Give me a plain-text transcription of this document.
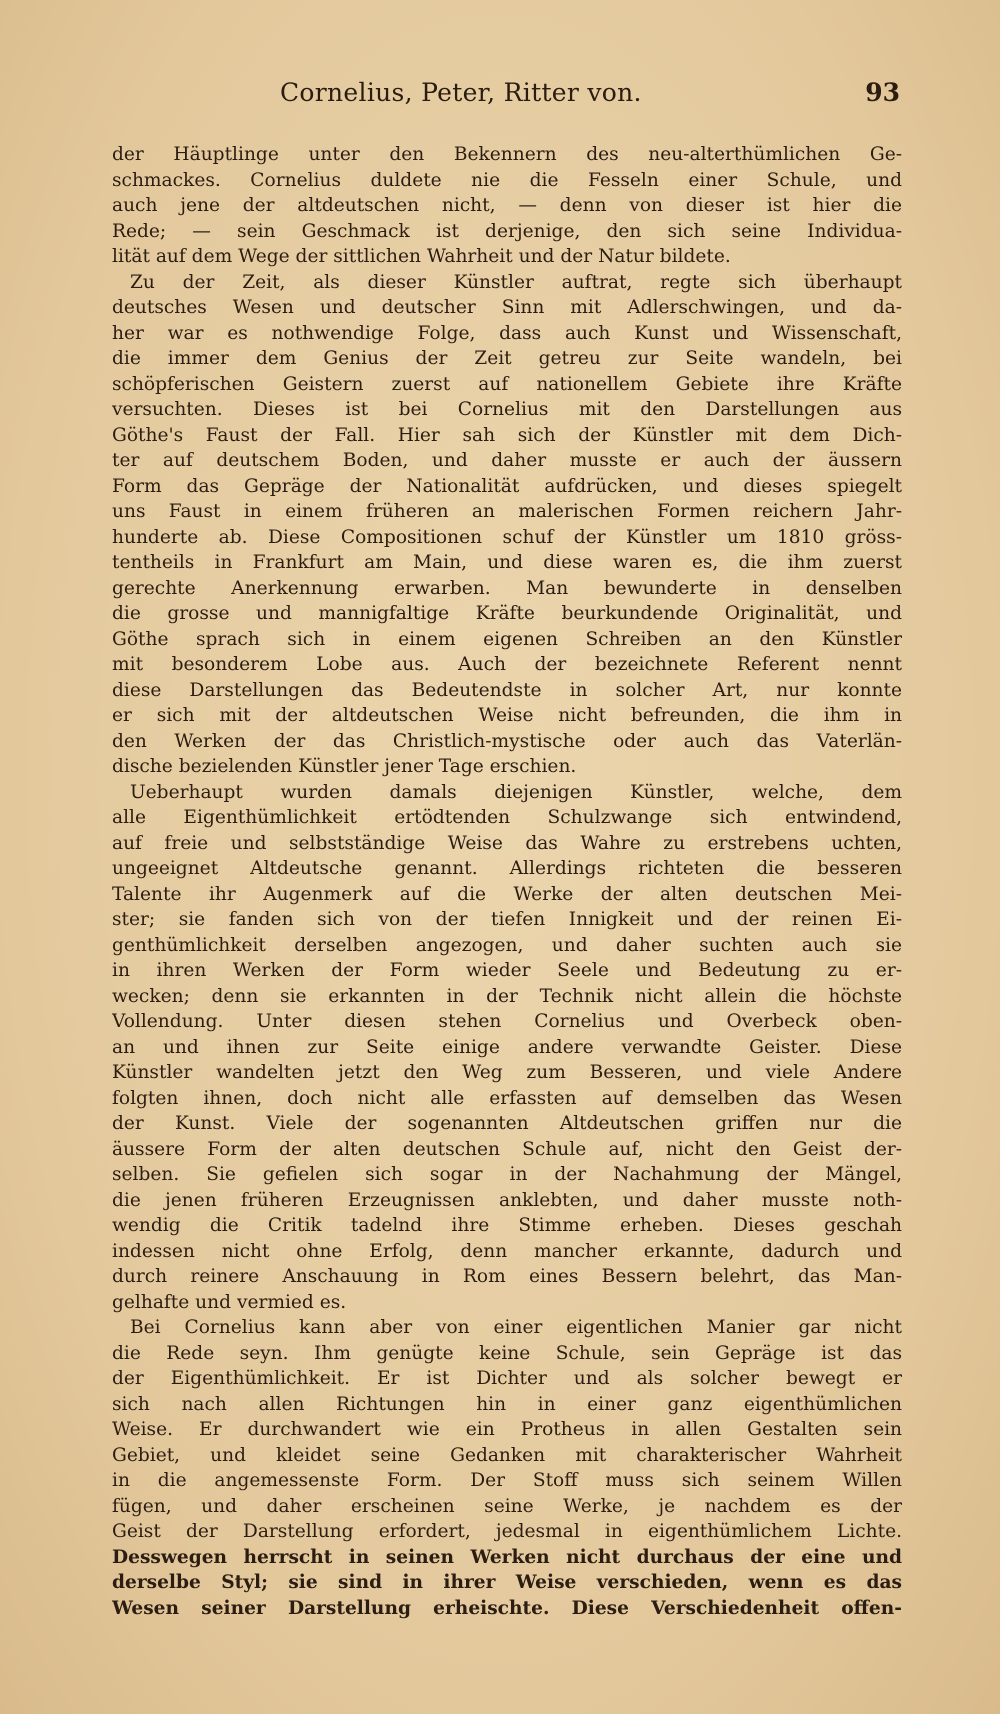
Cornelius, Peter, Ritter von.	93
der Häuptlinge unter den Bekennern des neu-alterthümlichen Ge-
schmackes. Cornelius duldete nie die Fesseln einer Schule, und
auch jene der altdeutschen nicht, — denn von dieser ist hier die
Rede; — sein Geschmack ist derjenige, den sich seine Individua-
lität auf dem Wege der sittlichen Wahrheit und der Natur bildete.
Zu der Zeit, als dieser Künstler auftrat, regte sich überhaupt
deutsches Wesen und deutscher Sinn mit Adlerschwingen, und da-
her war es nothwendige Folge, dass auch Kunst und Wissenschaft,
die immer dem Genius der Zeit getreu zur Seite wandeln, bei
schöpferischen Geistern zuerst auf nationellem Gebiete ihre Kräfte
versuchten. Dieses ist bei Cornelius mit den Darstellungen aus
Göthe's Faust der Fall. Hier sah sich der Künstler mit dem Dich-
ter auf deutschem Boden, und daher musste er auch der äussern
Form das Gepräge der Nationalität aufdrücken, und dieses spiegelt
uns Faust in einem früheren an malerischen Formen reichern Jahr-
hunderte ab. Diese Compositionen schuf der Künstler um 1810 gröss-
tentheils in Frankfurt am Main, und diese waren es, die ihm zuerst
gerechte Anerkennung erwarben. Man bewunderte in denselben
die grosse und mannigfaltige Kräfte beurkundende Originalität, und
Göthe sprach sich in einem eigenen Schreiben an den Künstler
mit besonderem Lobe aus. Auch der bezeichnete Referent nennt
diese Darstellungen das Bedeutendste in solcher Art, nur konnte
er sich mit der altdeutschen Weise nicht befreunden, die ihm in
den Werken der das Christlich-mystische oder auch das Vaterlän-
dische bezielenden Künstler jener Tage erschien.
Ueberhaupt wurden damals diejenigen Künstler, welche, dem
alle Eigenthümlichkeit ertödtenden Schulzwange sich entwindend,
auf freie und selbstständige Weise das Wahre zu erstrebens uchten,
ungeeignet Altdeutsche genannt. Allerdings richteten die besseren
Talente ihr Augenmerk auf die Werke der alten deutschen Mei-
ster; sie fanden sich von der tiefen Innigkeit und der reinen Ei-
genthümlichkeit derselben angezogen, und daher suchten auch sie
in ihren Werken der Form wieder Seele und Bedeutung zu er-
wecken; denn sie erkannten in der Technik nicht allein die höchste
Vollendung. Unter diesen stehen Cornelius und Overbeck oben-
an und ihnen zur Seite einige andere verwandte Geister. Diese
Künstler wandelten jetzt den Weg zum Besseren, und viele Andere
folgten ihnen, doch nicht alle erfassten auf demselben das Wesen
der Kunst. Viele der sogenannten Altdeutschen griffen nur die
äussere Form der alten deutschen Schule auf, nicht den Geist der-
selben. Sie gefielen sich sogar in der Nachahmung der Mängel,
die jenen früheren Erzeugnissen anklebten, und daher musste noth-
wendig die Critik tadelnd ihre Stimme erheben. Dieses geschah
indessen nicht ohne Erfolg, denn mancher erkannte, dadurch und
durch reinere Anschauung in Rom eines Bessern belehrt, das Man-
gelhafte und vermied es.
Bei Cornelius kann aber von einer eigentlichen Manier gar nicht
die Rede seyn. Ihm genügte keine Schule, sein Gepräge ist das
der Eigenthümlichkeit. Er ist Dichter und als solcher bewegt er
sich nach allen Richtungen hin in einer ganz eigenthümlichen
Weise. Er durchwandert wie ein Protheus in allen Gestalten sein
Gebiet, und kleidet seine Gedanken mit charakterischer Wahrheit
in die angemessenste Form. Der Stoff muss sich seinem Willen
fügen, und daher erscheinen seine Werke, je nachdem es der
Geist der Darstellung erfordert, jedesmal in eigenthümlichem Lichte.
Desswegen herrscht in seinen Werken nicht durchaus der eine und
derselbe Styl; sie sind in ihrer Weise verschieden, wenn es das
Wesen seiner Darstellung erheischte. Diese Verschiedenheit offen-
